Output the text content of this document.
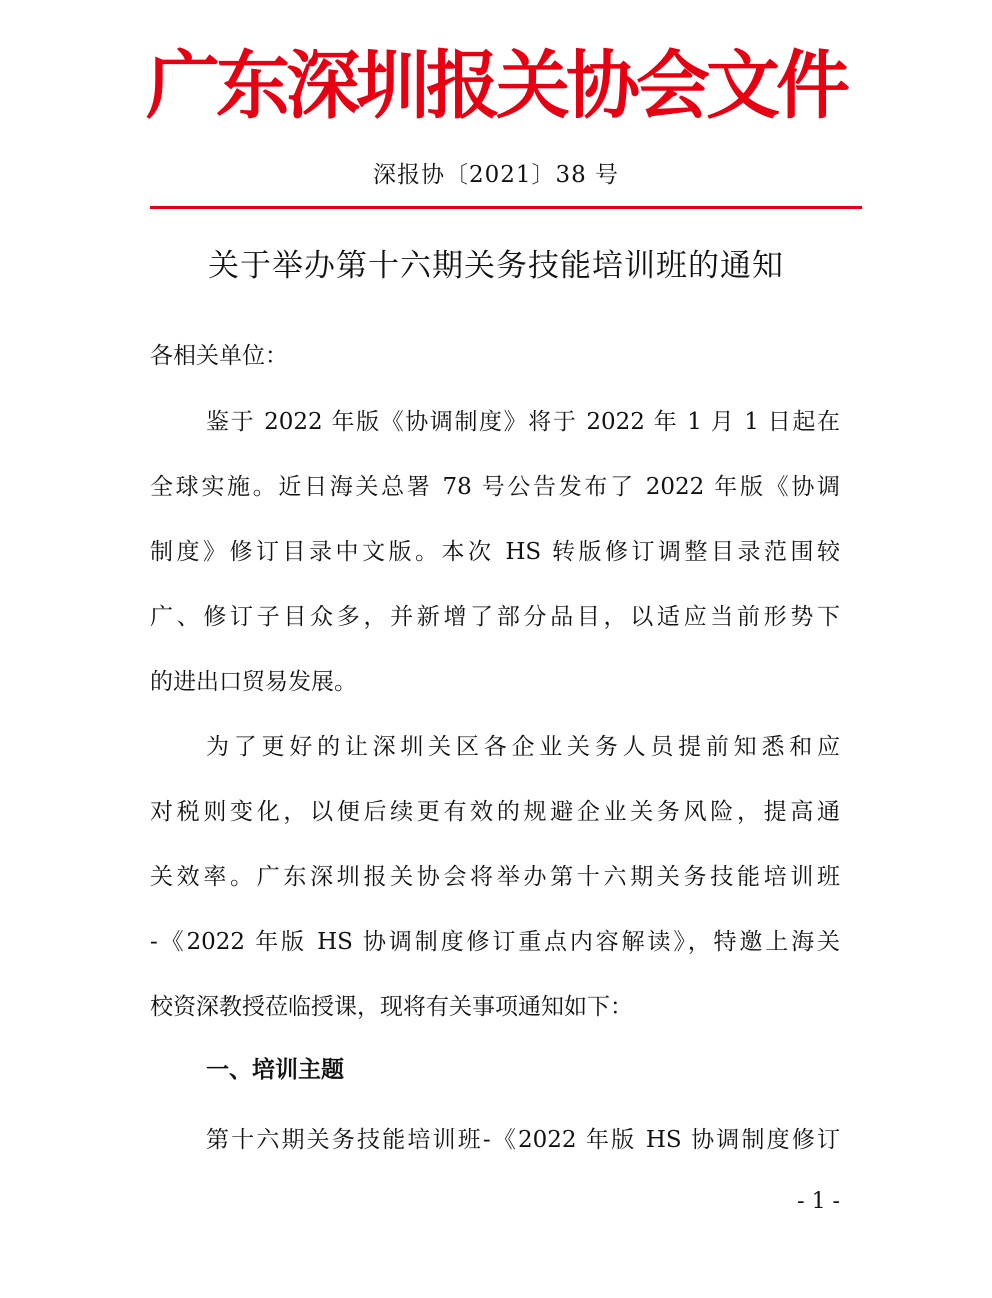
广东深圳报关协会文件
深报协〔2021〕38 号
关于举办第十六期关务技能培训班的通知
各相关单位：
鉴于 2022 年版《协调制度》将于 2022 年 1 月 1 日起在
全球实施。近日海关总署 78 号公告发布了 2022 年版《协调
制度》修订目录中文版。本次 HS 转版修订调整目录范围较
广、修订子目众多，并新增了部分品目，以适应当前形势下
的进出口贸易发展。
为了更好的让深圳关区各企业关务人员提前知悉和应
对税则变化，以便后续更有效的规避企业关务风险，提高通
关效率。广东深圳报关协会将举办第十六期关务技能培训班
-《2022 年版 HS 协调制度修订重点内容解读》，特邀上海关
校资深教授莅临授课，现将有关事项通知如下：
一、培训主题
第十六期关务技能培训班-《2022 年版 HS 协调制度修订
- 1 -
